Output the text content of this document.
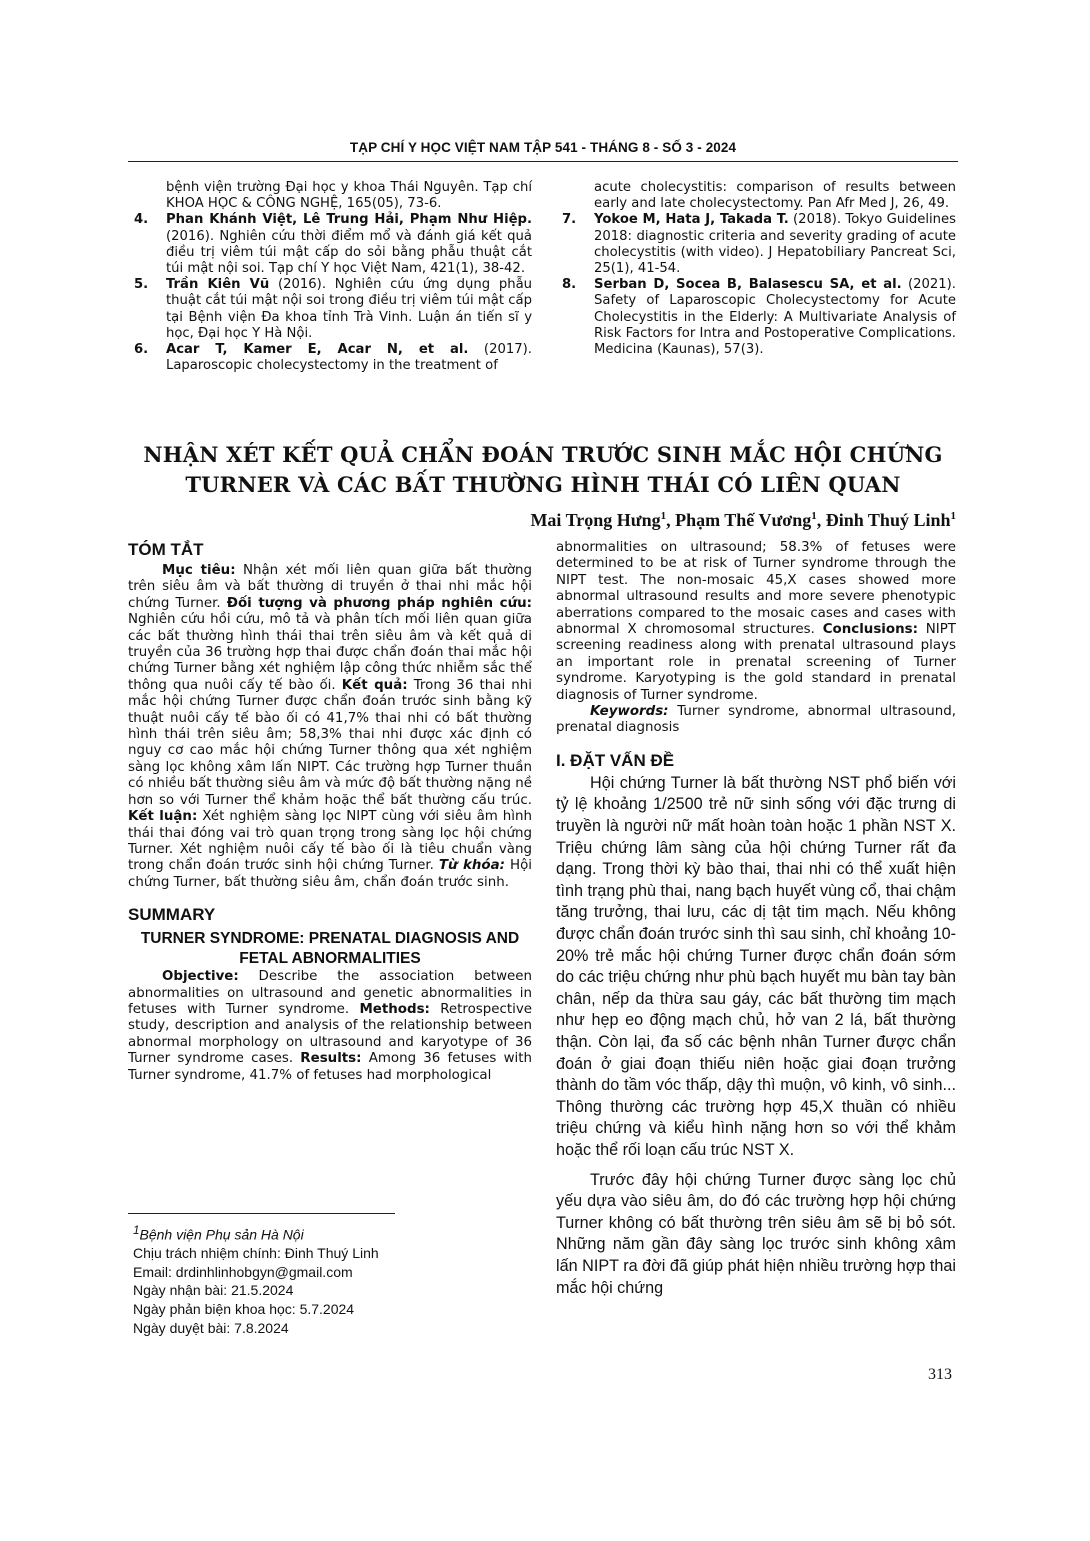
TẠP CHÍ Y HỌC VIỆT NAM TẬP 541 - THÁNG 8 - SỐ 3 - 2024
bệnh viện trường Đại học y khoa Thái Nguyên. Tạp chí KHOA HỌC & CÔNG NGHỆ, 165(05), 73-6.
4. Phan Khánh Việt, Lê Trung Hải, Phạm Như Hiệp. (2016). Nghiên cứu thời điểm mổ và đánh giá kết quả điều trị viêm túi mật cấp do sỏi bằng phẫu thuật cắt túi mật nội soi. Tạp chí Y học Việt Nam, 421(1), 38-42.
5. Trần Kiên Vũ (2016). Nghiên cứu ứng dụng phẫu thuật cắt túi mật nội soi trong điều trị viêm túi mật cấp tại Bệnh viện Đa khoa tỉnh Trà Vinh. Luận án tiến sĩ y học, Đại học Y Hà Nội.
6. Acar T, Kamer E, Acar N, et al. (2017). Laparoscopic cholecystectomy in the treatment of
acute cholecystitis: comparison of results between early and late cholecystectomy. Pan Afr Med J, 26, 49.
7. Yokoe M, Hata J, Takada T. (2018). Tokyo Guidelines 2018: diagnostic criteria and severity grading of acute cholecystitis (with video). J Hepatobiliary Pancreat Sci, 25(1), 41-54.
8. Serban D, Socea B, Balasescu SA, et al. (2021). Safety of Laparoscopic Cholecystectomy for Acute Cholecystitis in the Elderly: A Multivariate Analysis of Risk Factors for Intra and Postoperative Complications. Medicina (Kaunas), 57(3).
NHẬN XÉT KẾT QUẢ CHẨN ĐOÁN TRƯỚC SINH MẮC HỘI CHỨNG
TURNER VÀ CÁC BẤT THƯỜNG HÌNH THÁI CÓ LIÊN QUAN
Mai Trọng Hưng$^1$, Phạm Thế Vương$^1$, Đinh Thuý Linh$^1$
TÓM TẮT

Mục tiêu: Nhận xét mối liên quan giữa bất thường trên siêu âm và bất thường di truyền ở thai nhi mắc hội chứng Turner. Đối tượng và phương pháp nghiên cứu: Nghiên cứu hồi cứu, mô tả và phân tích mối liên quan giữa các bất thường hình thái thai trên siêu âm và kết quả di truyền của 36 trường hợp thai được chẩn đoán thai mắc hội chứng Turner bằng xét nghiệm lập công thức nhiễm sắc thể thông qua nuôi cấy tế bào ối. Kết quả: Trong 36 thai nhi mắc hội chứng Turner được chẩn đoán trước sinh bằng kỹ thuật nuôi cấy tế bào ối có 41,7% thai nhi có bất thường hình thái trên siêu âm; 58,3% thai nhi được xác định có nguy cơ cao mắc hội chứng Turner thông qua xét nghiệm sàng lọc không xâm lấn NIPT. Các trường hợp Turner thuần có nhiều bất thường siêu âm và mức độ bất thường nặng nề hơn so với Turner thể khảm hoặc thể bất thường cấu trúc. Kết luận: Xét nghiệm sàng lọc NIPT cùng với siêu âm hình thái thai đóng vai trò quan trọng trong sàng lọc hội chứng Turner. Xét nghiệm nuôi cấy tế bào ối là tiêu chuẩn vàng trong chẩn đoán trước sinh hội chứng Turner. Từ khóa: Hội chứng Turner, bất thường siêu âm, chẩn đoán trước sinh.

SUMMARY
TURNER SYNDROME: PRENATAL DIAGNOSIS AND FETAL ABNORMALITIES

Objective: Describe the association between abnormalities on ultrasound and genetic abnormalities in fetuses with Turner syndrome. Methods: Retrospective study, description and analysis of the relationship between abnormal morphology on ultrasound and karyotype of 36 Turner syndrome cases. Results: Among 36 fetuses with Turner syndrome, 41.7% of fetuses had morphological

abnormalities on ultrasound; 58.3% of fetuses were determined to be at risk of Turner syndrome through the NIPT test. The non-mosaic 45,X cases showed more abnormal ultrasound results and more severe phenotypic aberrations compared to the mosaic cases and cases with abnormal X chromosomal structures. Conclusions: NIPT screening readiness along with prenatal ultrasound plays an important role in prenatal screening of Turner syndrome. Karyotyping is the gold standard in prenatal diagnosis of Turner syndrome.

Keywords: Turner syndrome, abnormal ultrasound, prenatal diagnosis

I. ĐẶT VẤN ĐỀ

Hội chứng Turner là bất thường NST phổ biến với tỷ lệ khoảng 1/2500 trẻ nữ sinh sống với đặc trưng di truyền là người nữ mất hoàn toàn hoặc 1 phần NST X. Triệu chứng lâm sàng của hội chứng Turner rất đa dạng. Trong thời kỳ bào thai, thai nhi có thể xuất hiện tình trạng phù thai, nang bạch huyết vùng cổ, thai chậm tăng trưởng, thai lưu, các dị tật tim mạch. Nếu không được chẩn đoán trước sinh thì sau sinh, chỉ khoảng 10-20% trẻ mắc hội chứng Turner được chẩn đoán sớm do các triệu chứng như phù bạch huyết mu bàn tay bàn chân, nếp da thừa sau gáy, các bất thường tim mạch như hẹp eo động mạch chủ, hở van 2 lá, bất thường thận. Còn lại, đa số các bệnh nhân Turner được chẩn đoán ở giai đoạn thiếu niên hoặc giai đoạn trưởng thành do tầm vóc thấp, dậy thì muộn, vô kinh, vô sinh... Thông thường các trường hợp 45,X thuần có nhiều triệu chứng và kiểu hình nặng hơn so với thể khảm hoặc thể rối loạn cấu trúc NST X.

Trước đây hội chứng Turner được sàng lọc chủ yếu dựa vào siêu âm, do đó các trường hợp hội chứng Turner không có bất thường trên siêu âm sẽ bị bỏ sót. Những năm gần đây sàng lọc trước sinh không xâm lấn NIPT ra đời đã giúp phát hiện nhiều trường hợp thai mắc hội chứng

$^1$Bệnh viện Phụ sản Hà Nội
Chịu trách nhiệm chính: Đinh Thuý Linh
Email: drdinhlinhobgyn@gmail.com
Ngày nhận bài: 21.5.2024
Ngày phản biện khoa học: 5.7.2024
Ngày duyệt bài: 7.8.2024
313
